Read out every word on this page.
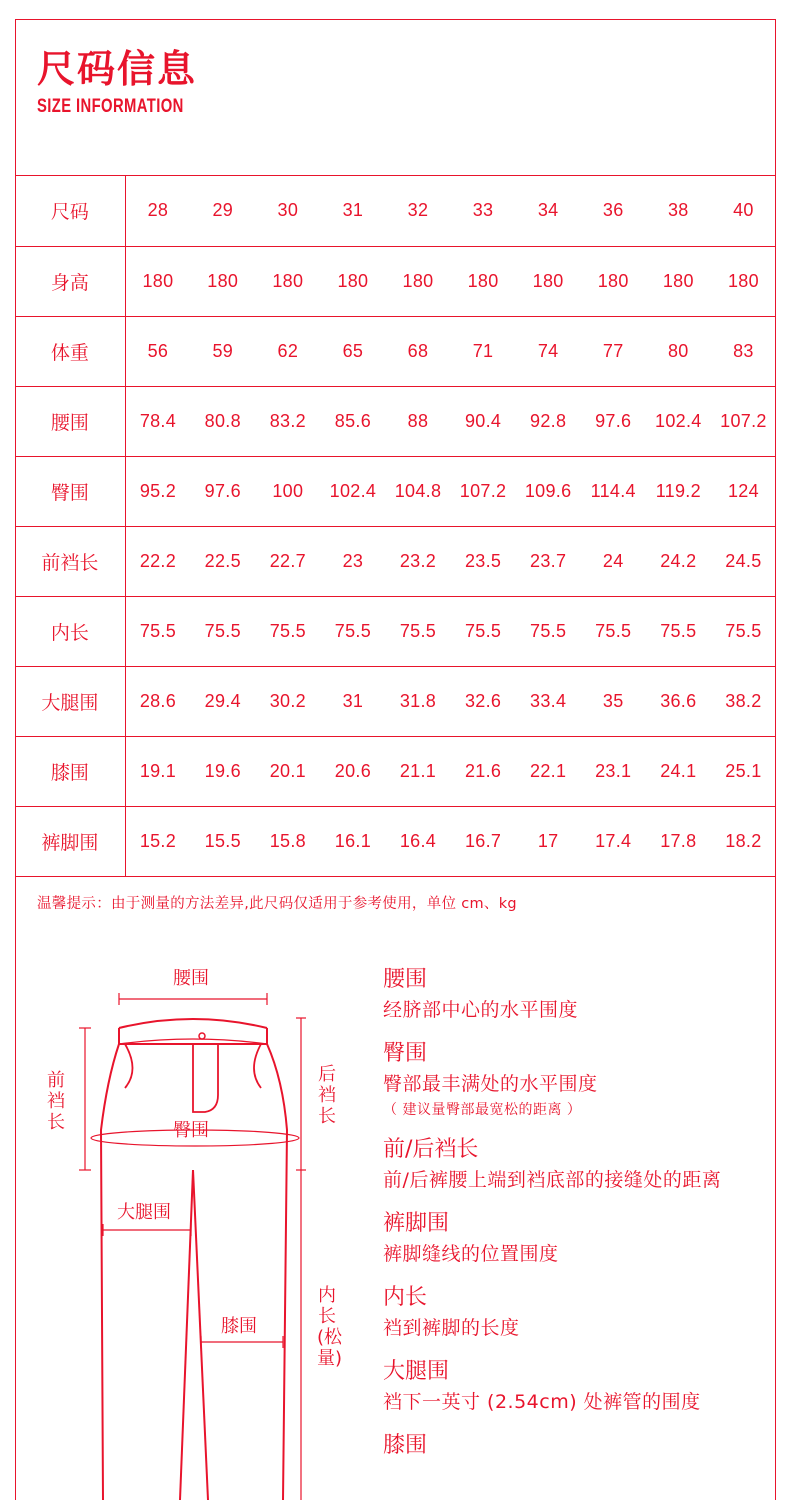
尺码信息
SIZE INFORMATION
尺码	28	29	30	31	32	33	34	36	38	40
身高	180	180	180	180	180	180	180	180	180	180
体重	56	59	62	65	68	71	74	77	80	83
腰围	78.4	80.8	83.2	85.6	88	90.4	92.8	97.6	102.4	107.2
臀围	95.2	97.6	100	102.4	104.8	107.2	109.6	114.4	119.2	124
前裆长	22.2	22.5	22.7	23	23.2	23.5	23.7	24	24.2	24.5
内长	75.5	75.5	75.5	75.5	75.5	75.5	75.5	75.5	75.5	75.5
大腿围	28.6	29.4	30.2	31	31.8	32.6	33.4	35	36.6	38.2
膝围	19.1	19.6	20.1	20.6	21.1	21.6	22.1	23.1	24.1	25.1
裤脚围	15.2	15.5	15.8	16.1	16.4	16.7	17	17.4	17.8	18.2
温馨提示：由于测量的方法差异,此尺码仅适用于参考使用，单位 cm、kg
腰围
前裆长
后裆长
臀围
大腿围
膝围
内长(松量)
腰围
经脐部中心的水平围度
臀围
臀部最丰满处的水平围度
（ 建议量臀部最宽松的距离 ）
前/后裆长
前/后裤腰上端到裆底部的接缝处的距离
裤脚围
裤脚缝线的位置围度
内长
裆到裤脚的长度
大腿围
裆下一英寸 (2.54cm) 处裤管的围度
膝围
